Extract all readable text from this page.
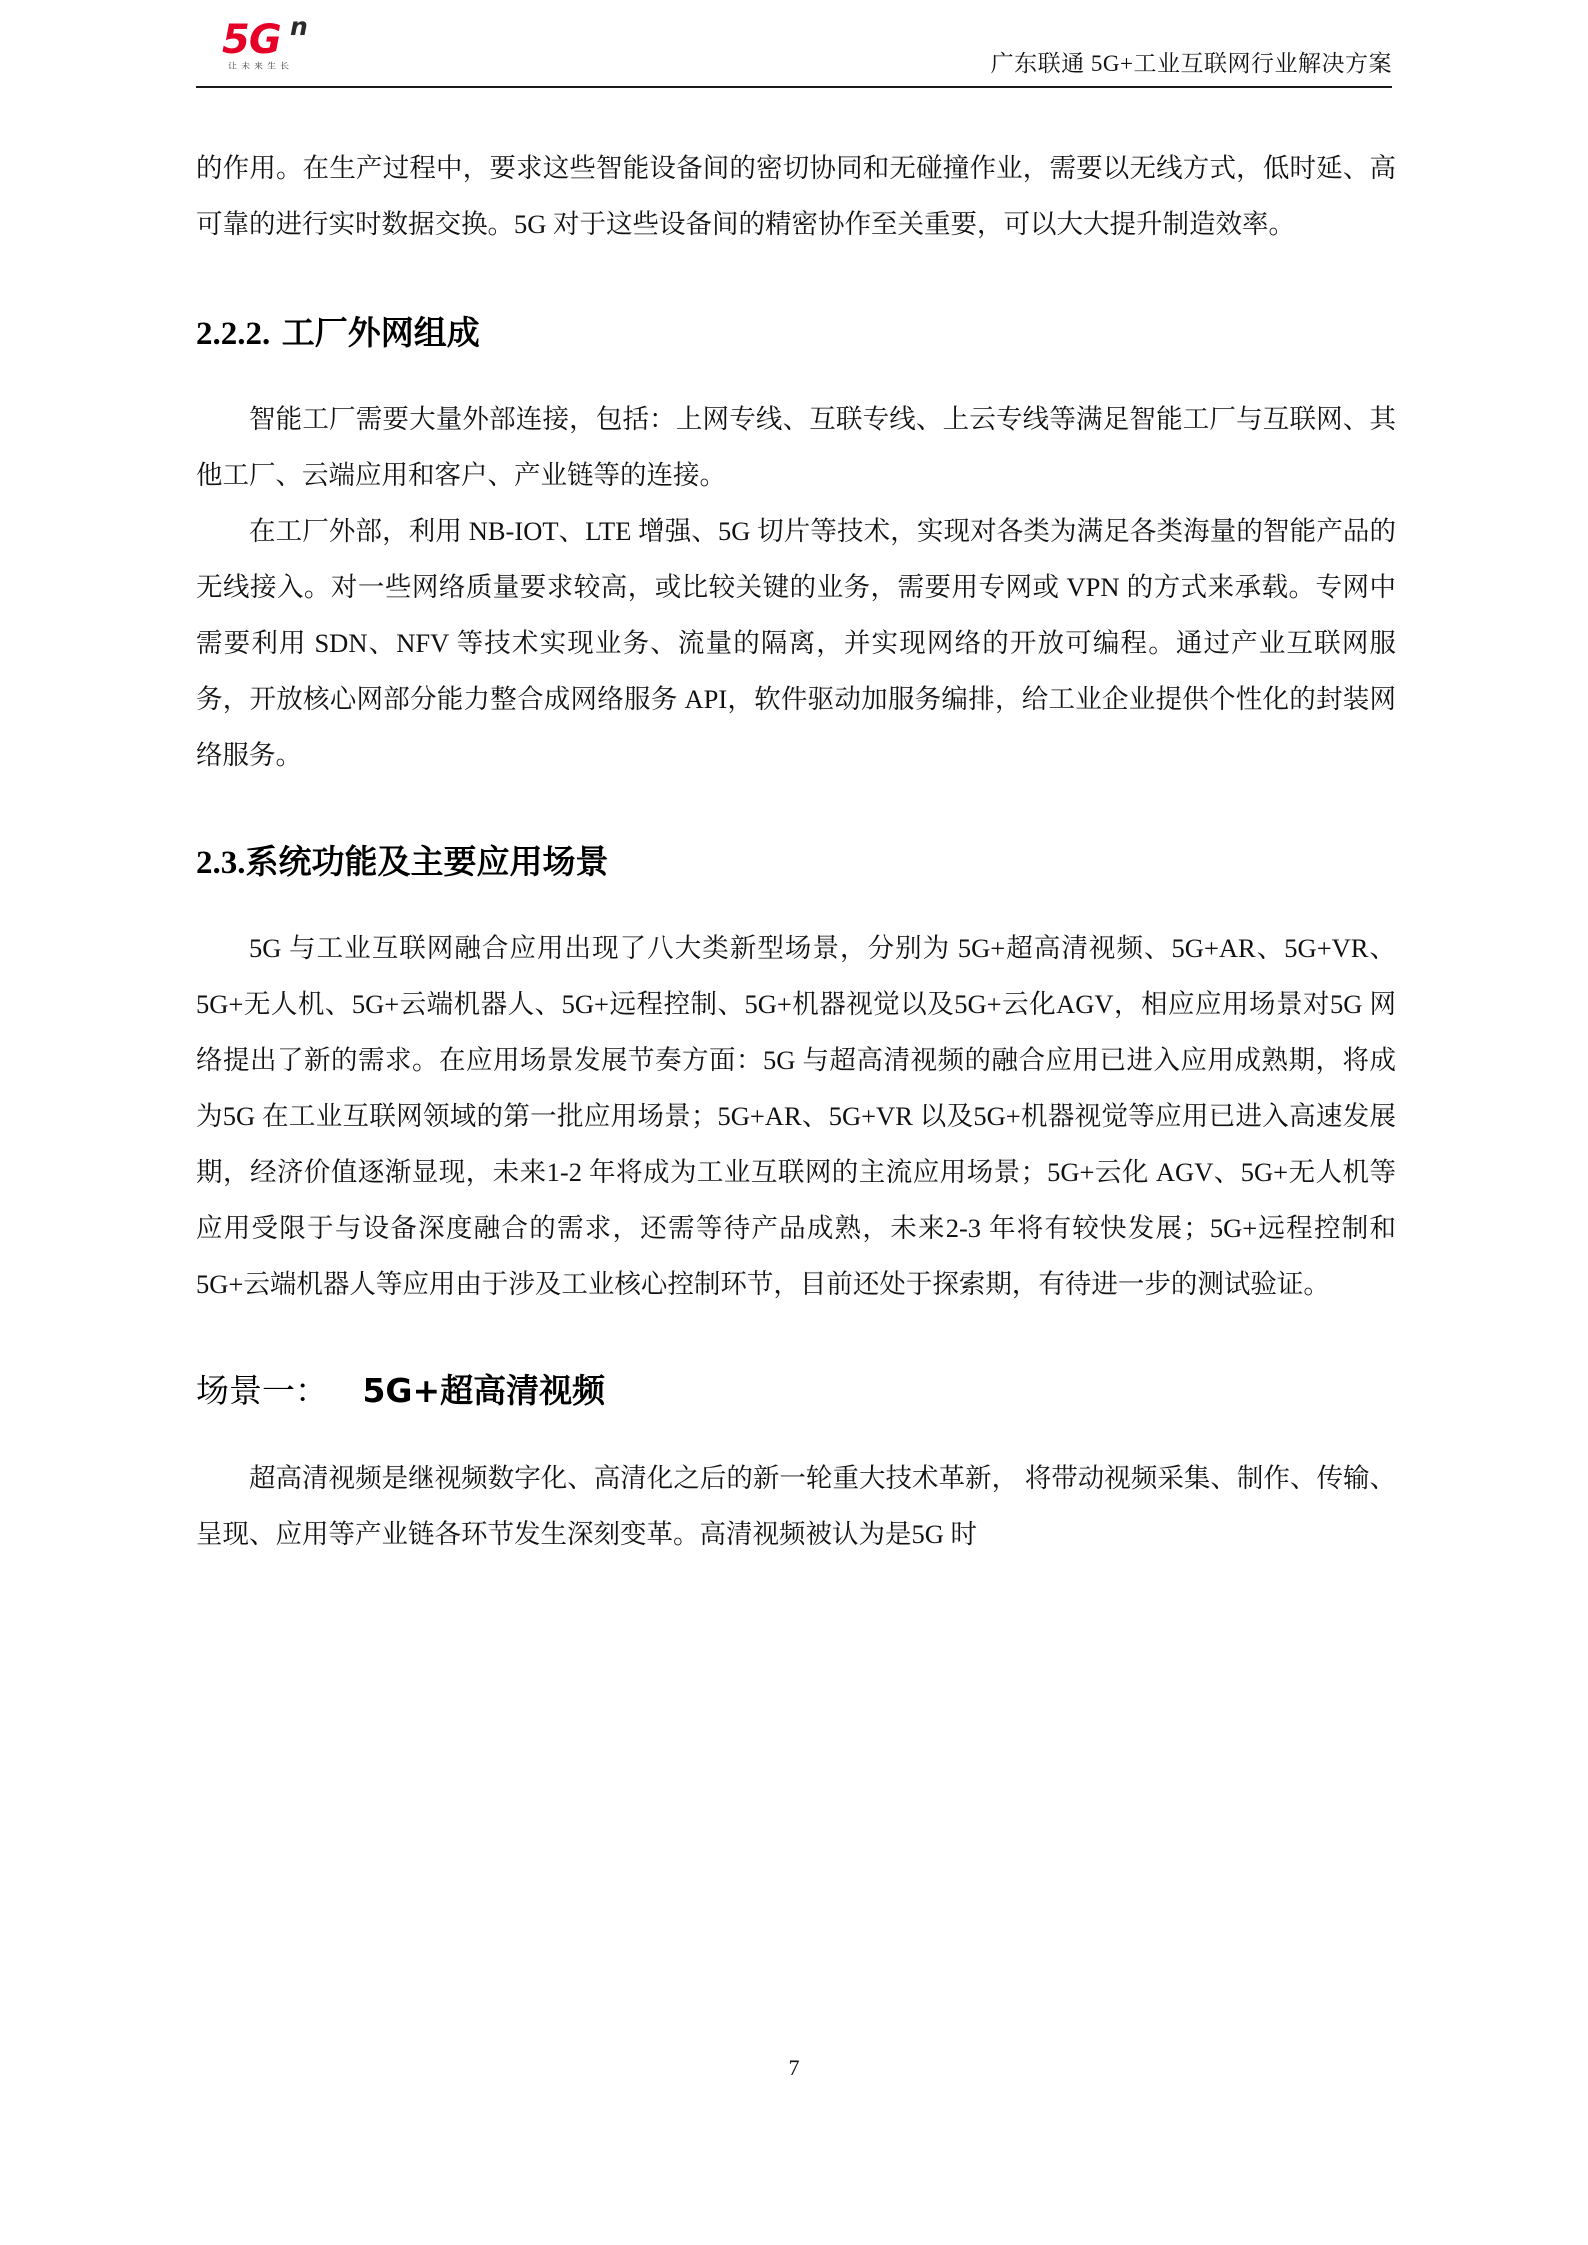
5G n
让未来生长	广东联通 5G+工业互联网行业解决方案

的作用。在生产过程中，要求这些智能设备间的密切协同和无碰撞作业，需要以无线方式，低时延、高可靠的进行实时数据交换。5G 对于这些设备间的精密协作至关重要，可以大大提升制造效率。

2.2.2. 工厂外网组成

智能工厂需要大量外部连接，包括：上网专线、互联专线、上云专线等满足智能工厂与互联网、其他工厂、云端应用和客户、产业链等的连接。

在工厂外部，利用 NB-IOT、LTE 增强、5G 切片等技术，实现对各类为满足各类海量的智能产品的无线接入。对一些网络质量要求较高，或比较关键的业务，需要用专网或 VPN 的方式来承载。专网中需要利用 SDN、NFV 等技术实现业务、流量的隔离，并实现网络的开放可编程。通过产业互联网服务，开放核心网部分能力整合成网络服务 API，软件驱动加服务编排，给工业企业提供个性化的封装网络服务。

2.3.系统功能及主要应用场景

5G 与工业互联网融合应用出现了八大类新型场景，分别为 5G+超高清视频、5G+AR、5G+VR、5G+无人机、5G+云端机器人、5G+远程控制、5G+机器视觉以及5G+云化AGV，相应应用场景对5G 网络提出了新的需求。在应用场景发展节奏方面：5G 与超高清视频的融合应用已进入应用成熟期，将成为5G 在工业互联网领域的第一批应用场景；5G+AR、5G+VR 以及5G+机器视觉等应用已进入高速发展期，经济价值逐渐显现，未来1-2 年将成为工业互联网的主流应用场景；5G+云化 AGV、5G+无人机等应用受限于与设备深度融合的需求，还需等待产品成熟，未来2-3 年将有较快发展；5G+远程控制和5G+云端机器人等应用由于涉及工业核心控制环节，目前还处于探索期，有待进一步的测试验证。

场景一： 5G+超高清视频

超高清视频是继视频数字化、高清化之后的新一轮重大技术革新， 将带动视频采集、制作、传输、呈现、应用等产业链各环节发生深刻变革。高清视频被认为是5G 时

7
